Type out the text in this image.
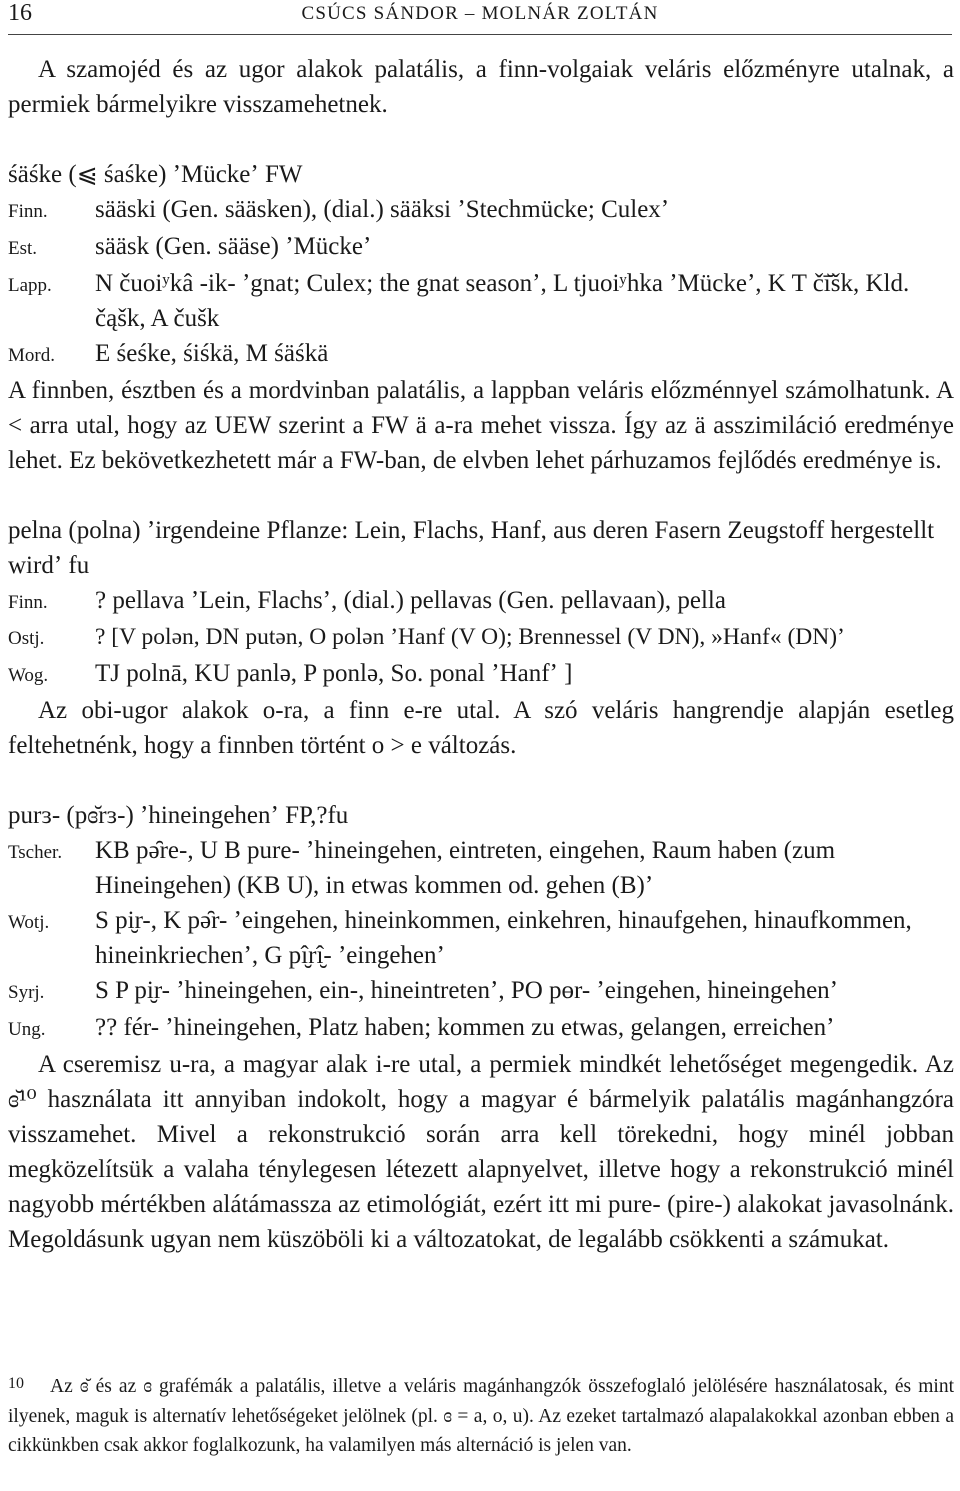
16	CSÚCS SÁNDOR – MOLNÁR ZOLTÁN

A szamojéd és az ugor alakok palatális, a finn-volgaiak veláris előzményre utalnak, a permiek bármelyikre visszamehetnek.

śäśke (⩿ śaśke) ʼMückeʼ FW

Finn.	sääski (Gen. sääsken), (dial.) sääksi ʼStechmücke; Culexʼ
Est.	sääsk (Gen. sääse) ʼMückeʼ
Lapp.	N čuoiʸkâ -ik- ʼgnat; Culex; the gnat seasonʼ, L tjuoiʸhka ʼMückeʼ, K T čī̆šk, Kld. čąšk, A čušk
Mord.	E śeśke, śiśkä, M śäśkä

A finnben, észtben és a mordvinban palatális, a lappban veláris előzménnyel számolhatunk. A < arra utal, hogy az UEW szerint a FW ä a-ra mehet vissza. Így az ä asszimiláció eredménye lehet. Ez bekövetkezhetett már a FW-ban, de elvben lehet párhuzamos fejlődés eredménye is.

pelna (polna) ʼirgendeine Pflanze: Lein, Flachs, Hanf, aus deren Fasern Zeugstoff hergestellt wirdʼ fu

Finn.	? pellava ʼLein, Flachsʼ, (dial.) pellavas (Gen. pellavaan), pella
Ostj.	? [V polən, DN putən, O polən ʼHanf (V O); Brennessel (V DN), »Hanf« (DN)ʼ
Wog.	TJ polnā, KU panlə, P ponlə, So. ponal ʼHanfʼ ]

Az obi-ugor alakok o-ra, a finn e-re utal. A szó veláris hangrendje alapján esetleg feltehetnénk, hogy a finnben történt o > e változás.

purɜ- (pɞ̆rɜ-) ʼhineingehenʼ FP,?fu

Tscher.	KB pə̑re-, U B pure- ʼhineingehen, eintreten, eingehen, Raum haben (zum Hineingehen) (KB U), in etwas kommen od. gehen (B)ʼ
Wotj.	S pi̮r-, K pə̑r- ʼeingehen, hineinkommen, einkehren, hinaufgehen, hinaufkommen, hineinkriechenʼ, G pî̮rî̮- ʼeingehenʼ
Syrj.	S P pi̮r- ʼhineingehen, ein-, hineintretenʼ, PO pɵr- ʼeingehen, hineingehenʼ
Ung.	?? fér- ʼhineingehen, Platz haben; kommen zu etwas, gelangen, erreichenʼ

A cseremisz u-ra, a magyar alak i-re utal, a permiek mindkét lehetőséget megengedik. Az ɞ̆¹⁰ használata itt annyiban indokolt, hogy a magyar é bármelyik palatális magánhangzóra visszamehet. Mivel a rekonstrukció során arra kell törekedni, hogy minél jobban megközelítsük a valaha ténylegesen létezett alapnyelvet, illetve hogy a rekonstrukció minél nagyobb mértékben alátámassza az etimológiát, ezért itt mi pure- (pire-) alakokat javasolnánk. Megoldásunk ugyan nem küszöböli ki a változatokat, de legalább csökkenti a számukat.

10 Az ɞ̆ és az ɞ grafémák a palatális, illetve a veláris magánhangzók összefoglaló jelölésére használatosak, és mint ilyenek, maguk is alternatív lehetőségeket jelölnek (pl. ɞ = a, o, u). Az ezeket tartalmazó alapalakokkal azonban ebben a cikkünkben csak akkor foglalkozunk, ha valamilyen más alternáció is jelen van.
